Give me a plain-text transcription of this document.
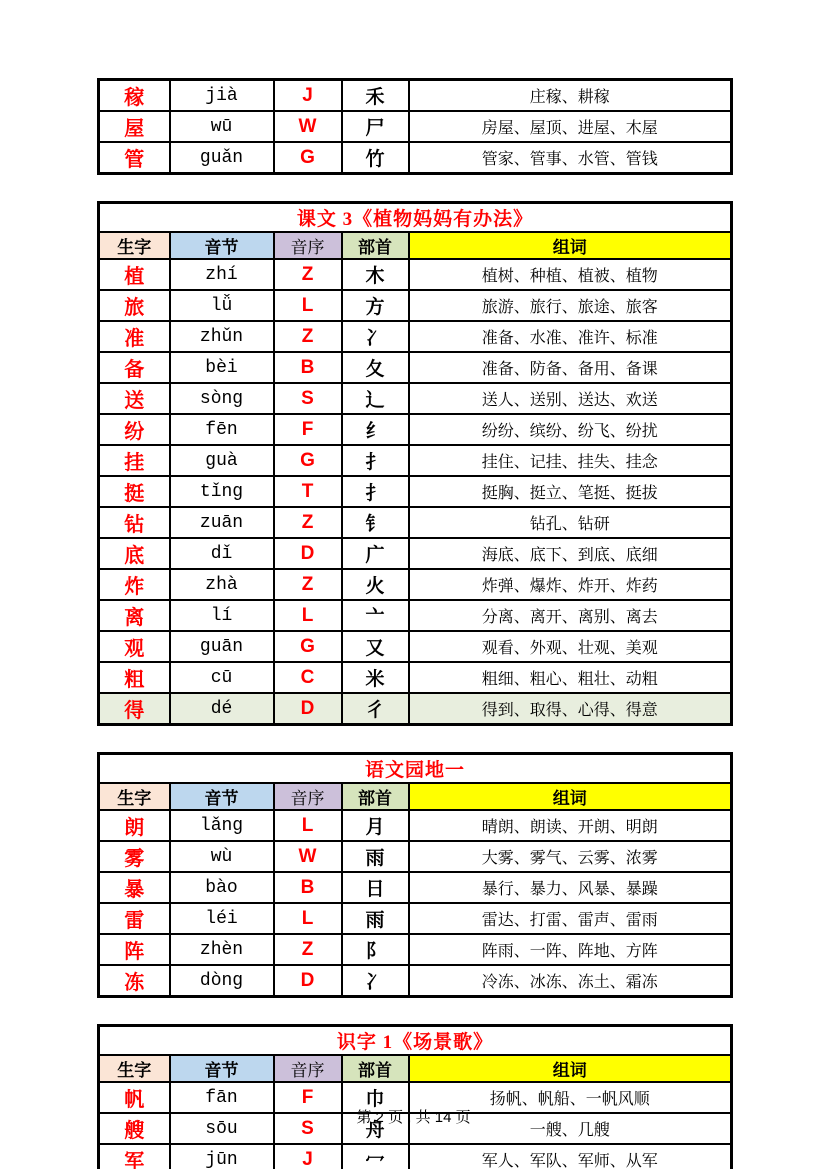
稼	jià	J	禾	庄稼、耕稼
屋	wū	W	尸	房屋、屋顶、进屋、木屋
管	guǎn	G	竹	管家、管事、水管、管钱
课文 3《植物妈妈有办法》				
生字	音节	音序	部首	组词
植	zhí	Z	木	植树、种植、植被、植物
旅	lǚ	L	方	旅游、旅行、旅途、旅客
准	zhǔn	Z	冫	准备、水准、准许、标准
备	bèi	B	夂	准备、防备、备用、备课
送	sòng	S	辶	送人、送别、送达、欢送
纷	fēn	F	纟	纷纷、缤纷、纷飞、纷扰
挂	guà	G	扌	挂住、记挂、挂失、挂念
挺	tǐng	T	扌	挺胸、挺立、笔挺、挺拔
钻	zuān	Z	钅	钻孔、钻研
底	dǐ	D	广	海底、底下、到底、底细
炸	zhà	Z	火	炸弹、爆炸、炸开、炸药
离	lí	L	亠	分离、离开、离别、离去
观	guān	G	又	观看、外观、壮观、美观
粗	cū	C	米	粗细、粗心、粗壮、动粗
得	dé	D	彳	得到、取得、心得、得意
语文园地一				
生字	音节	音序	部首	组词
朗	lǎng	L	月	晴朗、朗读、开朗、明朗
雾	wù	W	雨	大雾、雾气、云雾、浓雾
暴	bào	B	日	暴行、暴力、风暴、暴躁
雷	léi	L	雨	雷达、打雷、雷声、雷雨
阵	zhèn	Z	阝	阵雨、一阵、阵地、方阵
冻	dòng	D	冫	冷冻、冰冻、冻土、霜冻
识字 1《场景歌》				
生字	音节	音序	部首	组词
帆	fān	F	巾	扬帆、帆船、一帆风顺
艘	sōu	S	舟	一艘、几艘
军	jūn	J	冖	军人、军队、军师、从军
第 2 页 , 共 14 页
